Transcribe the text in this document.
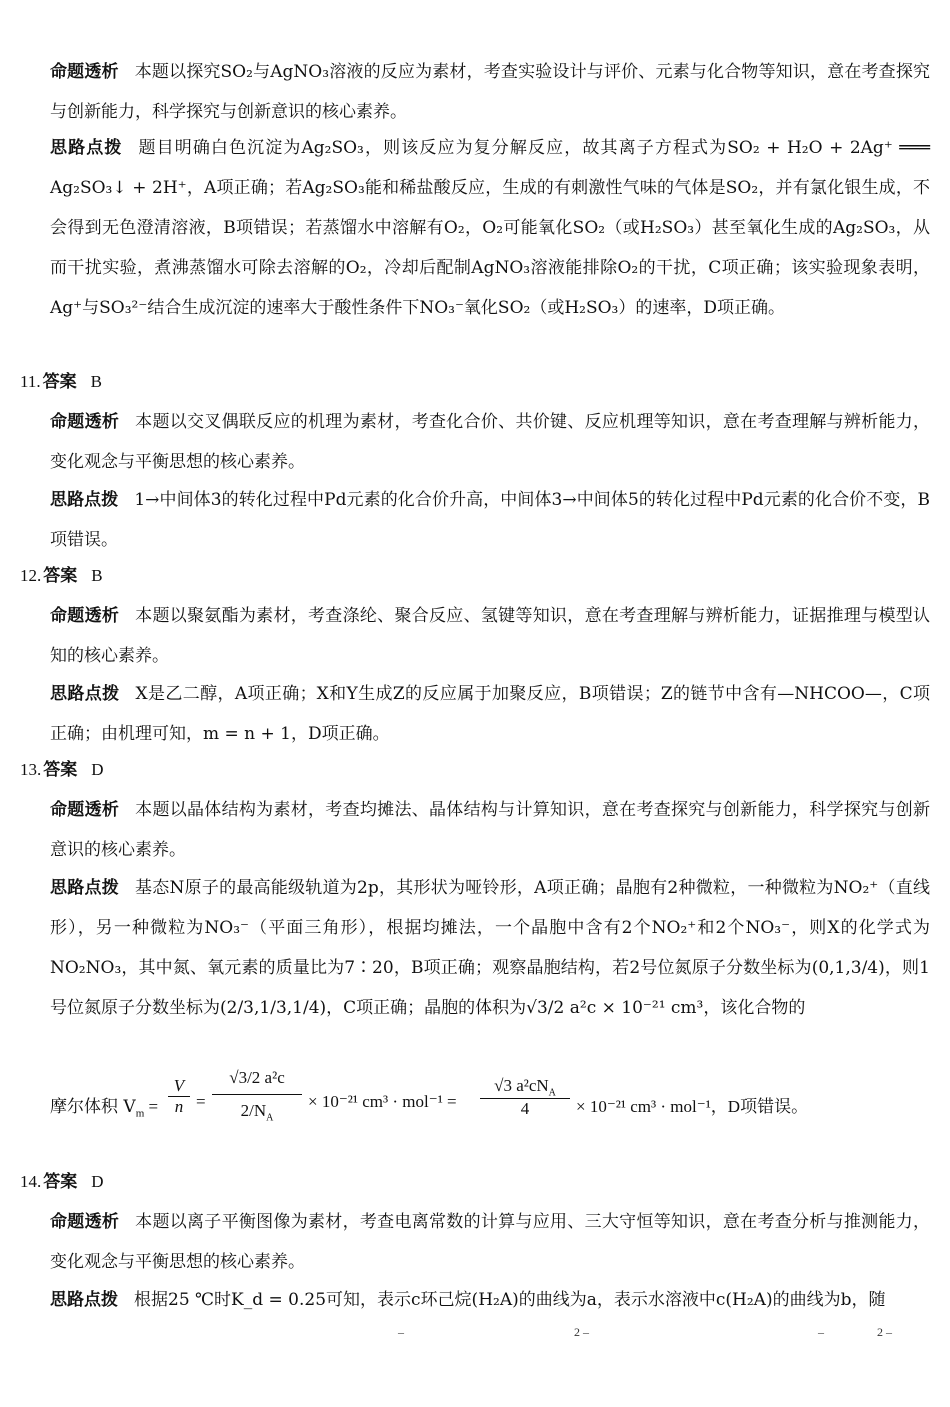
命题透析 本题以探究SO₂与AgNO₃溶液的反应为素材，考查实验设计与评价、元素与化合物等知识，意在考查探究与创新能力，科学探究与创新意识的核心素养。
思路点拨 题目明确白色沉淀为Ag₂SO₃，则该反应为复分解反应，故其离子方程式为SO₂ + H₂O + 2Ag⁺ ═══ Ag₂SO₃↓ + 2H⁺，A项正确；若Ag₂SO₃能和稀盐酸反应，生成的有刺激性气味的气体是SO₂，并有氯化银生成，不会得到无色澄清溶液，B项错误；若蒸馏水中溶解有O₂，O₂可能氧化SO₂（或H₂SO₃）甚至氧化生成的Ag₂SO₃，从而干扰实验，煮沸蒸馏水可除去溶解的O₂，冷却后配制AgNO₃溶液能排除O₂的干扰，C项正确；该实验现象表明，Ag⁺与SO₃²⁻结合生成沉淀的速率大于酸性条件下NO₃⁻氧化SO₂（或H₂SO₃）的速率，D项正确。
11. 答案 B
命题透析 本题以交叉偶联反应的机理为素材，考查化合价、共价键、反应机理等知识，意在考查理解与辨析能力，变化观念与平衡思想的核心素养。
思路点拨 1→中间体3的转化过程中Pd元素的化合价升高，中间体3→中间体5的转化过程中Pd元素的化合价不变，B项错误。
12. 答案 B
命题透析 本题以聚氨酯为素材，考查涤纶、聚合反应、氢键等知识，意在考查理解与辨析能力，证据推理与模型认知的核心素养。
思路点拨 X是乙二醇，A项正确；X和Y生成Z的反应属于加聚反应，B项错误；Z的链节中含有—NHCOO—，C项正确；由机理可知，m = n + 1，D项正确。
13. 答案 D
命题透析 本题以晶体结构为素材，考查均摊法、晶体结构与计算知识，意在考查探究与创新能力，科学探究与创新意识的核心素养。
思路点拨 基态N原子的最高能级轨道为2p，其形状为哑铃形，A项正确；晶胞有2种微粒，一种微粒为NO₂⁺（直线形），另一种微粒为NO₃⁻（平面三角形），根据均摊法，一个晶胞中含有2个NO₂⁺和2个NO₃⁻，则X的化学式为NO₂NO₃，其中氮、氧元素的质量比为7∶20，B项正确；观察晶胞结构，若2号位氮原子分数坐标为(0,1,3/4)，则1号位氮原子分数坐标为(2/3,1/3,1/4)，C项正确；晶胞的体积为√3/2 a²c × 10⁻²¹ cm³，该化合物的
摩尔体积 $V_m = \frac{V}{n} = \frac{\text{√3/2 a²c}}{2/N_A} \times 10^{-21}$ cm³ · mol⁻¹ =
√3 $a^2cN_A$
4	× 10⁻²¹ cm³ · mol⁻¹，D项错误。
14. 答案 D
命题透析 本题以离子平衡图像为素材，考查电离常数的计算与应用、三大守恒等知识，意在考查分析与推测能力，变化观念与平衡思想的核心素养。
思路点拨 根据25 ℃时K_d = 0.25可知，表示c环己烷(H₂A)的曲线为a，表示水溶液中c(H₂A)的曲线为b，随
–	2 –	–	2 –
